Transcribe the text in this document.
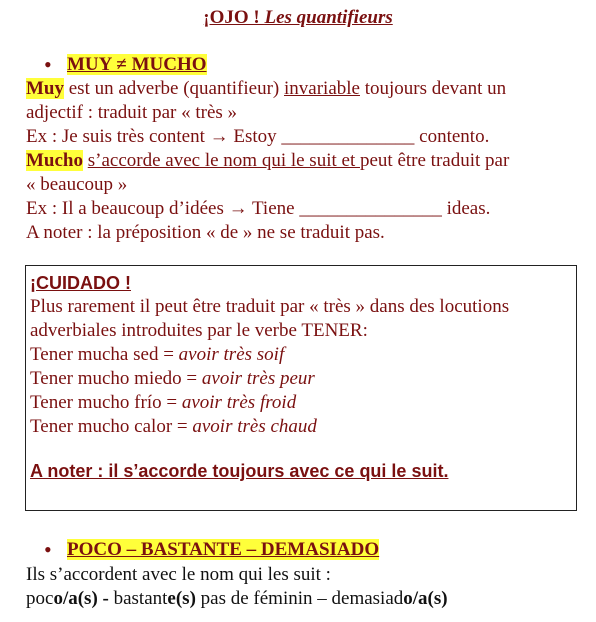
¡OJO ! Les quantifieurs
• MUY ≠ MUCHO
Muy est un adverbe (quantifieur) invariable toujours devant un
adjectif : traduit par « très »
Ex : Je suis très content → Estoy ______________ contento.
Mucho s’accorde avec le nom qui le suit et peut être traduit par
« beaucoup »
Ex : Il a beaucoup d’idées → Tiene _______________ ideas.
A noter : la préposition « de » ne se traduit pas.
¡CUIDADO !
Plus rarement il peut être traduit par « très » dans des locutions
adverbiales introduites par le verbe TENER:
Tener mucha sed = avoir très soif
Tener mucho miedo = avoir très peur
Tener mucho frío = avoir très froid
Tener mucho calor = avoir très chaud
A noter : il s’accorde toujours avec ce qui le suit.
• POCO – BASTANTE – DEMASIADO
Ils s’accordent avec le nom qui les suit :
poco/a(s) - bastante(s) pas de féminin – demasiado/a(s)
